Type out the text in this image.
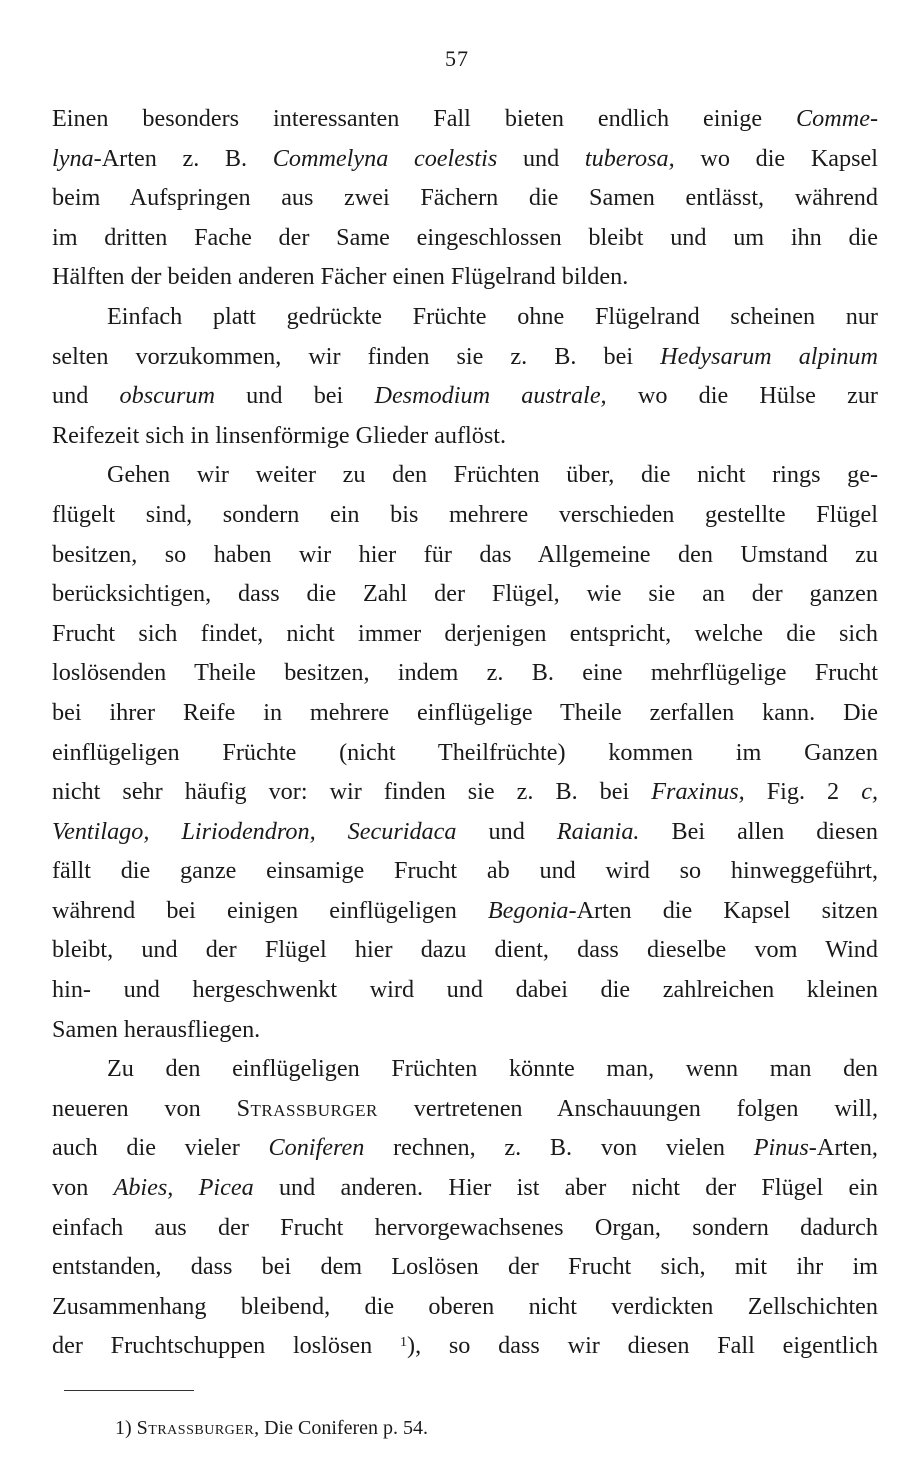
57
Einen besonders interessanten Fall bieten endlich einige Comme-
lyna-Arten z. B. Commelyna coelestis und tuberosa, wo die Kapsel
beim Aufspringen aus zwei Fächern die Samen entlässt, während
im dritten Fache der Same eingeschlossen bleibt und um ihn die
Hälften der beiden anderen Fächer einen Flügelrand bilden.
Einfach platt gedrückte Früchte ohne Flügelrand scheinen nur
selten vorzukommen, wir finden sie z. B. bei Hedysarum alpinum
und obscurum und bei Desmodium australe, wo die Hülse zur
Reifezeit sich in linsenförmige Glieder auflöst.
Gehen wir weiter zu den Früchten über, die nicht rings ge-
flügelt sind, sondern ein bis mehrere verschieden gestellte Flügel
besitzen, so haben wir hier für das Allgemeine den Umstand zu
berücksichtigen, dass die Zahl der Flügel, wie sie an der ganzen
Frucht sich findet, nicht immer derjenigen entspricht, welche die sich
loslösenden Theile besitzen, indem z. B. eine mehrflügelige Frucht
bei ihrer Reife in mehrere einflügelige Theile zerfallen kann. Die
einflügeligen Früchte (nicht Theilfrüchte) kommen im Ganzen
nicht sehr häufig vor: wir finden sie z. B. bei Fraxinus, Fig. 2 c,
Ventilago, Liriodendron, Securidaca und Raiania. Bei allen diesen
fällt die ganze einsamige Frucht ab und wird so hinweggeführt,
während bei einigen einflügeligen Begonia-Arten die Kapsel sitzen
bleibt, und der Flügel hier dazu dient, dass dieselbe vom Wind
hin- und hergeschwenkt wird und dabei die zahlreichen kleinen
Samen herausfliegen.
Zu den einflügeligen Früchten könnte man, wenn man den
neueren von Strassburger vertretenen Anschauungen folgen will,
auch die vieler Coniferen rechnen, z. B. von vielen Pinus-Arten,
von Abies, Picea und anderen. Hier ist aber nicht der Flügel ein
einfach aus der Frucht hervorgewachsenes Organ, sondern dadurch
entstanden, dass bei dem Loslösen der Frucht sich, mit ihr im
Zusammenhang bleibend, die oberen nicht verdickten Zellschichten
der Fruchtschuppen loslösen $^1$), so dass wir diesen Fall eigentlich
1) Strassburger, Die Coniferen p. 54.
